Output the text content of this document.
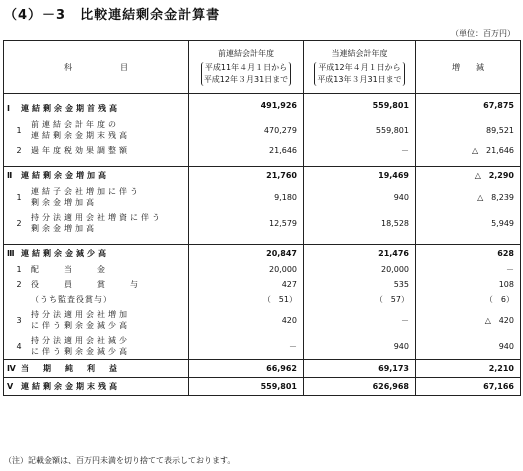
（4）－3　比較連結剰余金計算書
（単位：百万円）
科　　　　　　目	前連結会計年度
平成11年４月１日から
平成12年３月31日まで	当連結会計年度
平成12年４月１日から
平成13年３月31日まで	増　　減
Ⅰ 連結剰余金期首残高	491,926	559,801	67,875
1前連結会計年度の
連結剰余金期末残高	470,279	559,801	89,521
2 過年度税効果調整額	21,646	－	△ 21,646

Ⅱ 連結剰余金増加高	21,760	19,469	△ 2,290
1連結子会社増加に伴う
剰余金増加高	9,180	940	△ 8,239
2持分法適用会社増資に伴う
剰余金増加高	12,579	18,528	5,949

Ⅲ 連結剰余金減少高	20,847	21,476	628
1 配　　当　　金	20,000	20,000	－
2 役　　員　　賞　　与	427	535	108
（うち監査役賞与）	（　51）	（　57）	（　6）
3持分法適用会社増加
に伴う剰余金減少高	420	－	△ 420
4持分法適用会社減少
に伴う剰余金減少高	－	940	940
Ⅳ 当　期　純　利　益	66,962	69,173	2,210
Ⅴ 連結剰余金期末残高	559,801	626,968	67,166
（注）記載金額は、百万円未満を切り捨てて表示しております。
